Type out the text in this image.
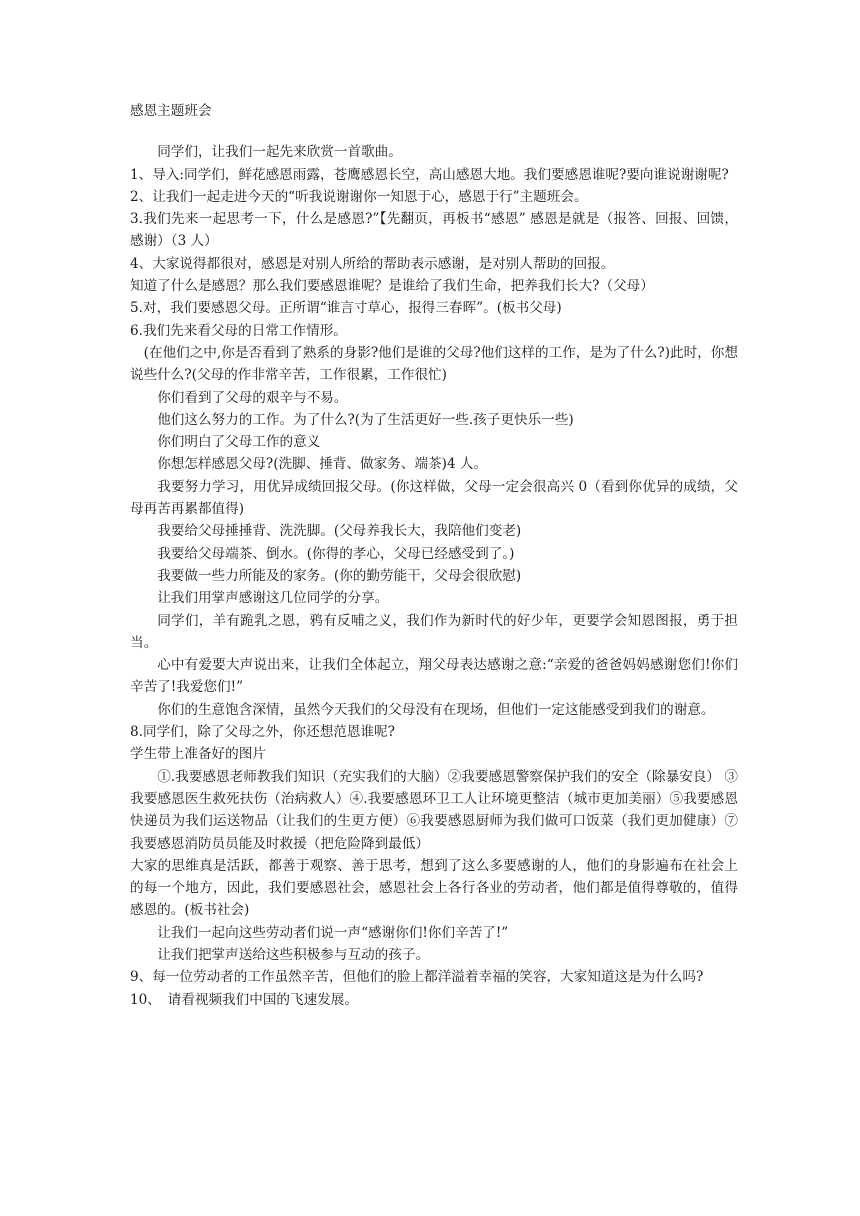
感恩主题班会

同学们，让我们一起先来欣赏一首歌曲。

1、导入:同学们，鲜花感恩雨露，苍鹰感恩长空，高山感恩大地。我们要感恩谁呢?要向谁说谢谢呢?

2、让我们一起走进今天的“听我说谢谢你一知恩于心，感恩于行”主题班会。

3.我们先来一起思考一下，什么是感恩?”【先翻页，再板书“感恩” 感恩是就是（报答、回报、回馈，感谢）（3 人）

4、大家说得都很对，感恩是对别人所给的帮助表示感谢，是对别人帮助的回报。

知道了什么是感恩？那么我们要感恩谁呢？是谁给了我们生命，把养我们长大?（父母）

5.对，我们要感恩父母。正所谓“谁言寸草心，报得三春晖”。(板书父母)

6.我们先来看父母的日常工作情形。

(在他们之中,你是否看到了熟系的身影?他们是谁的父母?他们这样的工作，是为了什么?)此时，你想说些什么?(父母的作非常辛苦，工作很累，工作很忙)

你们看到了父母的艰辛与不易。

他们这么努力的工作。为了什么?(为了生活更好一些.孩子更快乐一些)

你们明白了父母工作的意义

你想怎样感恩父母?(洗脚、捶背、做家务、端茶)4 人。

我要努力学习，用优异成绩回报父母。(你这样做，父母一定会很高兴 0（看到你优异的成绩，父母再苦再累都值得)

我要给父母捶捶背、洗洗脚。(父母养我长大，我陪他们变老)

我要给父母端茶、倒水。(你得的孝心，父母已经感受到了。)

我要做一些力所能及的家务。(你的勤劳能干，父母会很欣慰)

让我们用掌声感谢这几位同学的分享。

同学们，羊有跪乳之恩，鸦有反哺之义，我们作为新时代的好少年，更要学会知恩图报，勇于担当。

心中有爱要大声说出来，让我们全体起立，翔父母表达感谢之意:“亲爱的爸爸妈妈感谢您们!你们辛苦了!我爱您们!”

你们的生意饱含深情，虽然今天我们的父母没有在现场，但他们一定这能感受到我们的谢意。

8.同学们，除了父母之外，你还想范恩谁呢?

学生带上准备好的图片

①.我要感恩老师教我们知识（充实我们的大脑）②我要感恩警察保护我们的安全（除暴安良） ③我要感恩医生救死扶伤（治病救人）④.我要感恩环卫工人让环境更整洁（城市更加美丽）⑤我要感恩快递员为我们运送物品（让我们的生更方便）⑥我要感恩厨师为我们做可口饭菜（我们更加健康）⑦我要感恩消防员员能及时救援（把危险降到最低）

大家的思维真是活跃，都善于观察、善于思考，想到了这么多要感谢的人，他们的身影遍布在社会上的每一个地方，因此，我们要感恩社会，感恩社会上各行各业的劳动者，他们都是值得尊敬的，值得感恩的。(板书社会)

让我们一起向这些劳动者们说一声“感谢你们!你们辛苦了!”

让我们把掌声送给这些积极参与互动的孩子。

9、每一位劳动者的工作虽然辛苦，但他们的脸上都洋溢着幸福的笑容，大家知道这是为什么吗?

10、　请看视频我们中国的飞速发展。
